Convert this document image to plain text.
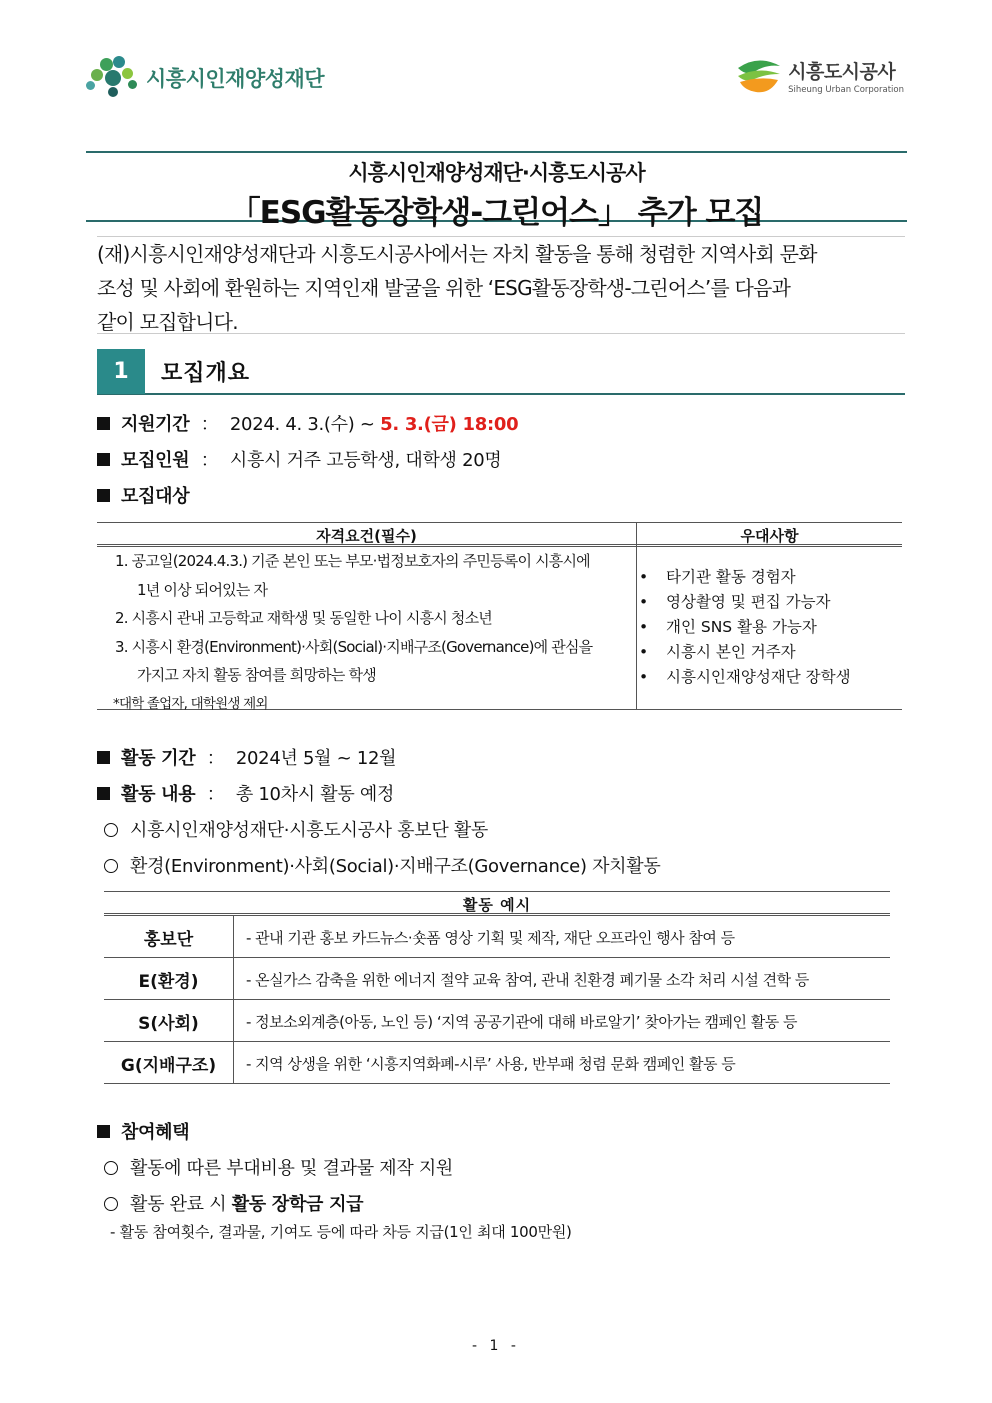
시흥시인재양성재단	시흥도시공사
Siheung Urban Corporation
시흥시인재양성재단·시흥도시공사
「ESG활동장학생-그린어스」 추가 모집
(재)시흥시인재양성재단과 시흥도시공사에서는 자치 활동을 통해 청렴한 지역사회 문화
조성 및 사회에 환원하는 지역인재 발굴을 위한 ‘ESG활동장학생-그린어스’를 다음과
같이 모집합니다.
1	모집개요
지원기간 ： 2024. 4. 3.(수) ~ 5. 3.(금) 18:00
모집인원 ： 시흥시 거주 고등학생, 대학생 20명
모집대상
자격요건(필수)	우대사항
1. 공고일(2024.4.3.) 기준 본인 또는 부모·법정보호자의 주민등록이 시흥시에
1년 이상 되어있는 자
2. 시흥시 관내 고등학교 재학생 및 동일한 나이 시흥시 청소년
3. 시흥시 환경(Environment)·사회(Social)·지배구조(Governance)에 관심을
가지고 자치 활동 참여를 희망하는 학생
*대학 졸업자, 대학원생 제외
• 타기관 활동 경험자
• 영상촬영 및 편집 가능자
• 개인 SNS 활용 가능자
• 시흥시 본인 거주자
• 시흥시인재양성재단 장학생
활동 기간 ： 2024년 5월 ~ 12월
활동 내용 ： 총 10차시 활동 예정
시흥시인재양성재단·시흥도시공사 홍보단 활동
환경(Environment)·사회(Social)·지배구조(Governance) 자치활동
활동 예시
홍보단	- 관내 기관 홍보 카드뉴스·숏폼 영상 기획 및 제작, 재단 오프라인 행사 참여 등
E(환경)	- 온실가스 감축을 위한 에너지 절약 교육 참여, 관내 친환경 폐기물 소각 처리 시설 견학 등
S(사회)	- 정보소외계층(아동, 노인 등) ‘지역 공공기관에 대해 바로알기’ 찾아가는 캠페인 활동 등
G(지배구조)	- 지역 상생을 위한 ‘시흥지역화폐-시루’ 사용, 반부패 청렴 문화 캠페인 활동 등
참여혜택
활동에 따른 부대비용 및 결과물 제작 지원
활동 완료 시 활동 장학금 지급
- 활동 참여횟수, 결과물, 기여도 등에 따라 차등 지급(1인 최대 100만원)
- 1 -
